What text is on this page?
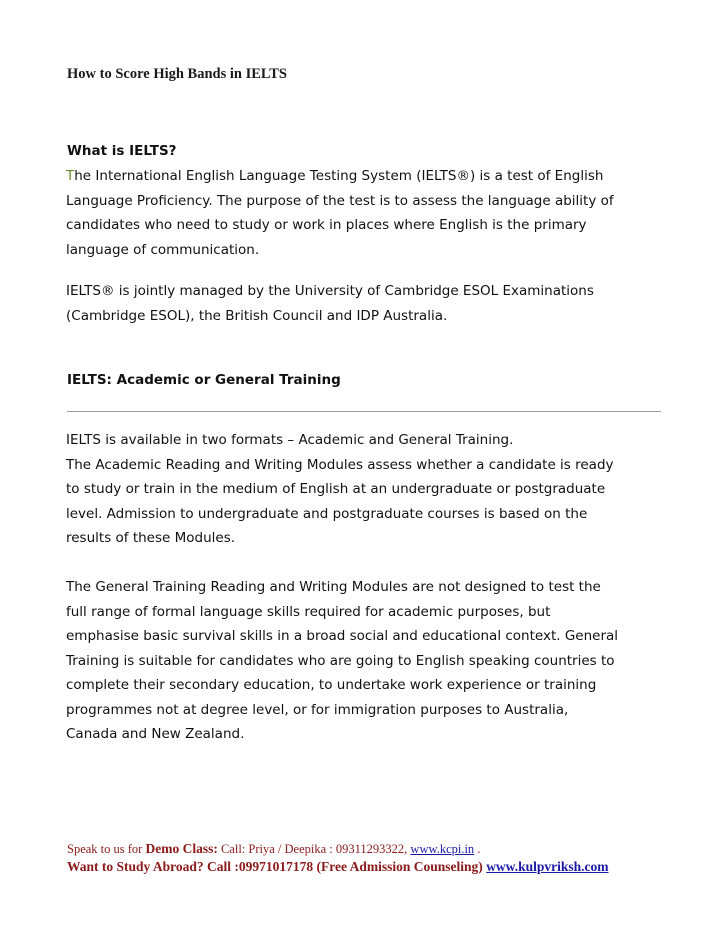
How to Score High Bands in IELTS
What is IELTS?

The International English Language Testing System (IELTS®) is a test of English
Language Proficiency. The purpose of the test is to assess the language ability of
candidates who need to study or work in places where English is the primary
language of communication.

IELTS® is jointly managed by the University of Cambridge ESOL Examinations
(Cambridge ESOL), the British Council and IDP Australia.

IELTS: Academic or General Training

IELTS is available in two formats – Academic and General Training.
The Academic Reading and Writing Modules assess whether a candidate is ready
to study or train in the medium of English at an undergraduate or postgraduate
level. Admission to undergraduate and postgraduate courses is based on the
results of these Modules.

The General Training Reading and Writing Modules are not designed to test the
full range of formal language skills required for academic purposes, but
emphasise basic survival skills in a broad social and educational context. General
Training is suitable for candidates who are going to English speaking countries to
complete their secondary education, to undertake work experience or training
programmes not at degree level, or for immigration purposes to Australia,
Canada and New Zealand.

Speak to us for Demo Class: Call: Priya / Deepika : 09311293322, www.kcpi.in .
Want to Study Abroad? Call :09971017178 (Free Admission Counseling) www.kulpvriksh.com
